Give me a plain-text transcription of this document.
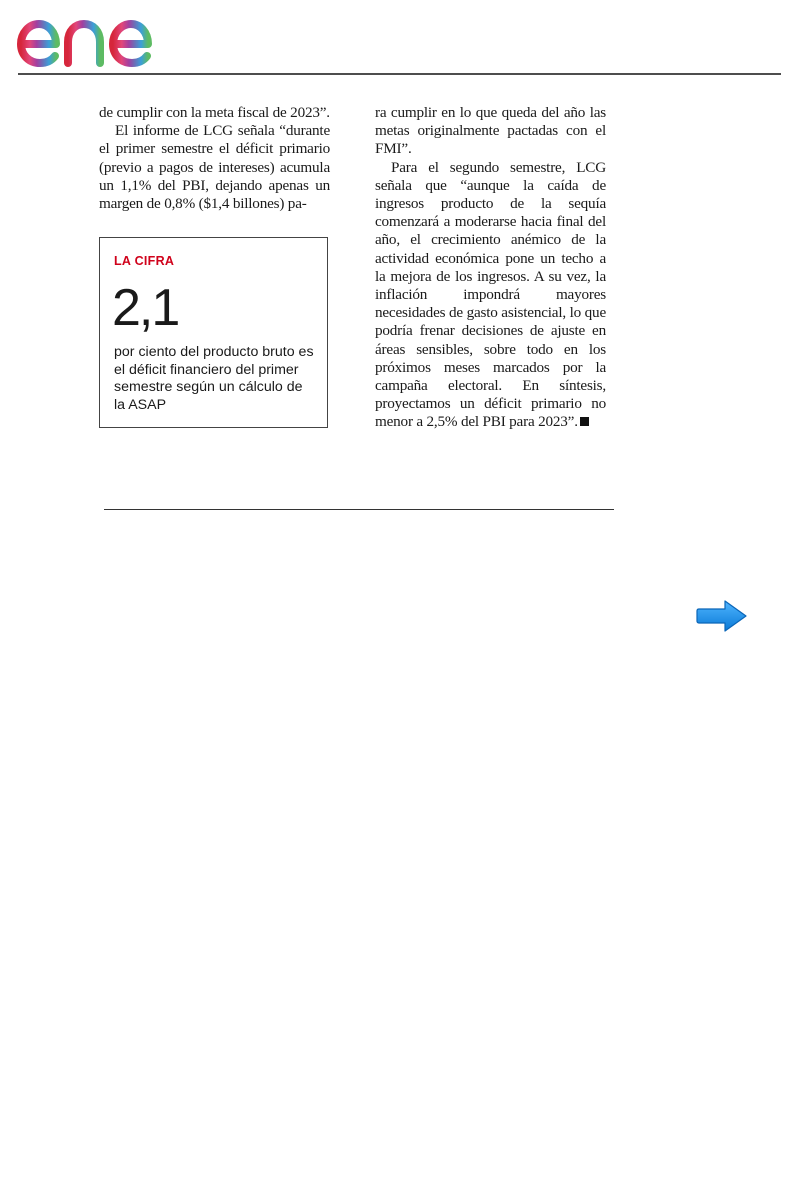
de cumplir con la meta fiscal de 2023”.

El informe de LCG señala “durante el primer semestre el déficit primario (previo a pagos de intereses) acumula un 1,1% del PBI, dejando apenas un margen de 0,8% ($1,4 billones) pa-

LA CIFRA
2,1
por ciento del producto bruto es el déficit financiero del primer semestre según un cálculo de la ASAP

ra cumplir en lo que queda del año las metas originalmente pactadas con el FMI”.

Para el segundo semestre, LCG señala que “aunque la caída de ingresos producto de la sequía comenzará a moderarse hacia final del año, el crecimiento anémico de la actividad económica pone un techo a la mejora de los ingresos. A su vez, la inflación impondrá mayores necesidades de gasto asistencial, lo que podría frenar decisiones de ajuste en áreas sensibles, sobre todo en los próximos meses marcados por la campaña electoral. En síntesis, proyectamos un déficit primario no menor a 2,5% del PBI para 2023”.
